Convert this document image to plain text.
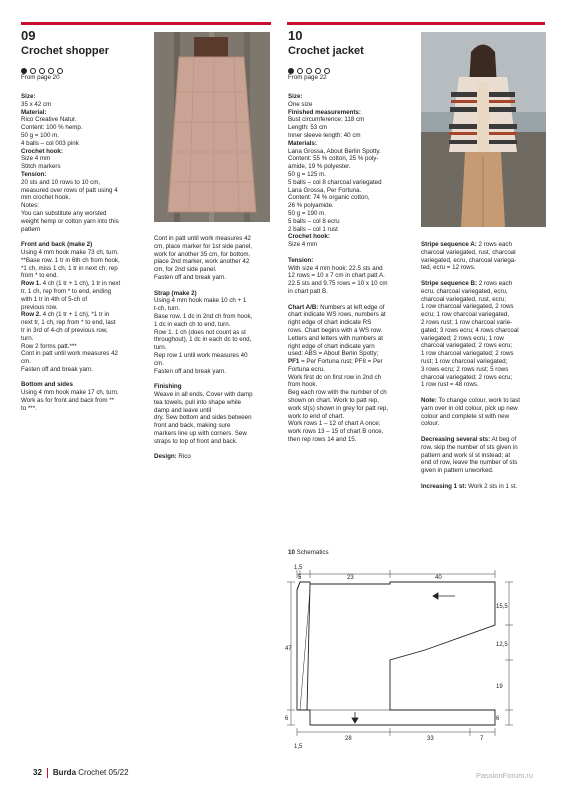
09
Crochet shopper
From page 20

Size:

35 x 42 cm

Material:

Rico Creative Natur.

Content: 100 % hemp.

50 g = 100 m.

4 balls – col 003 pink

Crochet hook:

Size 4 mm

Stitch markers

Tension:

20 sts and 10 rows to 10 cm,

measured over rows of patt using 4

mm crochet hook.

Notes:

You can substitute any worsted

weight hemp or cotton yarn into this

pattern

Front and back (make 2)

Using 4 mm hook make 73 ch, turn.

**Base row. 1 tr in 6th ch from hook,

*1 ch, miss 1 ch, 1 tr in next ch; rep

from * to end.

Row 1. 4 ch (1 tr + 1 ch), 1 tr in next

tr, 1 ch, rep from * to end, ending

with 1 tr in 4th of 5-ch of

previous row.

Row 2. 4 ch (1 tr + 1 ch), *1 tr in

next tr, 1 ch, rep from * to end, last

tr in 3rd of 4-ch of previous row,

turn.

Row 2 forms patt.***

Cont in patt until work measures 42

cm.

Fasten off and break yarn.

Bottom and sides

Using 4 mm hook make 17 ch, turn.

Work as for front and back from **

to ***.

Cont in patt until work measures 42

cm, place marker for 1st side panel,

work for another 35 cm, for bottom,

place 2nd marker, work another 42

cm, for 2nd side panel.

Fasten off and break yarn.

Strap (make 2)

Using 4 mm hook make 10 ch + 1

t-ch, turn.

Base row. 1 dc in 2nd ch from hook,

1 dc in each ch to end, turn.

Row 1. 1 ch (does not count as st

throughout), 1 dc in each dc to end,

turn.

Rep row 1 until work measures 40

cm.

Fasten off and break yarn.

Finishing

Weave in all ends. Cover with damp

tea towels, pull into shape while

damp and leave until

dry. Sew bottom and sides between

front and back, making sure

markers line up with corners. Sew

straps to top of front and back.

Design: Rico

10
Crochet jacket
From page 22

Size:

One size

Finished measurements:

Bust circumference: 118 cm

Length: 53 cm

Inner sleeve length: 40 cm

Materials:

Lana Grossa, About Berlin Spotty.

Content: 55 % cotton, 25 % poly-

amide, 19 % polyester.

50 g = 125 m.

5 balls – col 8 charcoal variegated

Lana Grossa, Per Fortuna.

Content: 74 % organic cotton,

26 % polyamide.

50 g = 190 m.

5 balls – col 8 ecru

2 balls – col 1 rust

Crochet hook:

Size 4 mm

Tension:

With size 4 mm hook: 22.5 sts and

12 rows = 10 x 7 cm in chart patt A.

22.5 sts and 9.75 rows = 10 x 10 cm

in chart patt B.

Chart A/B: Numbers at left edge of

chart indicate WS rows, numbers at

right edge of chart indicate RS

rows. Chart begins with a WS row.

Letters and letters with numbers at

right edge of chart indicate yarn

used: ABS = About Berlin Spotty;

PF1 = Per Fortuna rust; PF8 = Per

Fortuna ecru.

Work first dc on first row in 2nd ch

from hook.

Beg each row with the number of ch

shown on chart. Work to patt rep,

work st(s) shown in grey for patt rep,

work to end of chart.

Work rows 1 – 12 of chart A once;

work rows 13 – 15 of chart B once,

then rep rows 14 and 15.

Stripe sequence A: 2 rows each

charcoal variegated, rust, charcoal

variegated, ecru, charcoal variega-

ted, ecru = 12 rows.

Stripe sequence B: 2 rows each

ecru, charcoal variegated, ecru,

charcoal variegated, rust, ecru;

1 row charcoal variegated, 2 rows

ecru; 1 row charcoal variegated,

2 rows rust; 1 row charcoal varie-

gated; 3 rows ecru; 4 rows charcoal

variegated; 2 rows ecru; 1 row

charcoal variegated; 2 rows ecru;

1 row charcoal variegated; 2 rows

rust; 1 row charcoal variegated;

3 rows ecru; 2 rows rust; 5 rows

charcoal variegated; 2 rows ecru;

1 row rust = 48 rows.

Note: To change colour, work to last

yarn over in old colour, pick up new

colour and complete st with new

colour.

Decreasing several sts: At beg of

row, skip the number of sts given in

pattern and work sl st instead; at

end of row, leave the number of sts

given in pattern unworked.

Increasing 1 st: Work 2 sts in 1 st.

10 Schematics
1,5
5	23	40
15,5
12,5
19
6
47
6
28	33	7
1,5
32 Burda Crochet 05/22	PassionForum.ru
